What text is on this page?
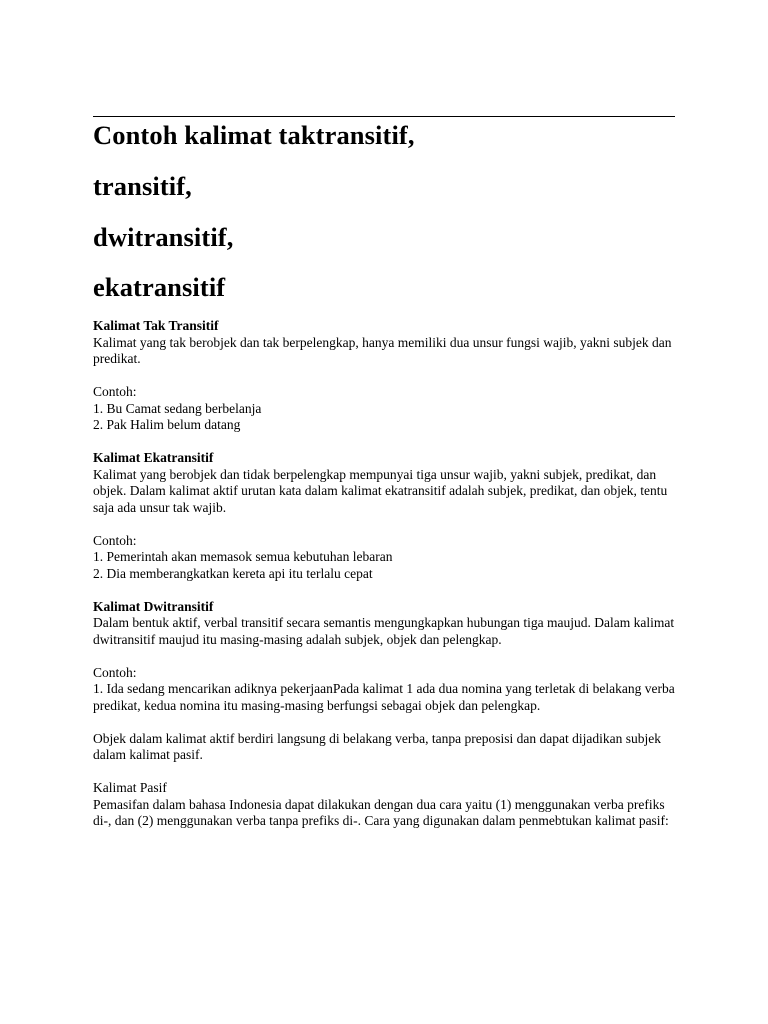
Contoh kalimat taktransitif,
transitif,
dwitransitif,
ekatransitif

Kalimat Tak Transitif

Kalimat yang tak berobjek dan tak berpelengkap, hanya memiliki dua unsur fungsi wajib, yakni subjek dan predikat.

Contoh:

1. Bu Camat sedang berbelanja

2. Pak Halim belum datang

Kalimat Ekatransitif

Kalimat yang berobjek dan tidak berpelengkap mempunyai tiga unsur wajib, yakni subjek, predikat, dan objek. Dalam kalimat aktif urutan kata dalam kalimat ekatransitif adalah subjek, predikat, dan objek, tentu saja ada unsur tak wajib.

Contoh:

1. Pemerintah akan memasok semua kebutuhan lebaran

2. Dia memberangkatkan kereta api itu terlalu cepat

Kalimat Dwitransitif

Dalam bentuk aktif, verbal transitif secara semantis mengungkapkan hubungan tiga maujud. Dalam kalimat dwitransitif maujud itu masing-masing adalah subjek, objek dan pelengkap.

Contoh:

1. Ida sedang mencarikan adiknya pekerjaanPada kalimat 1 ada dua nomina yang terletak di belakang verba predikat, kedua nomina itu masing-masing berfungsi sebagai objek dan pelengkap.

Objek dalam kalimat aktif berdiri langsung di belakang verba, tanpa preposisi dan dapat dijadikan subjek dalam kalimat pasif.

Kalimat Pasif

Pemasifan dalam bahasa Indonesia dapat dilakukan dengan dua cara yaitu (1) menggunakan verba prefiks di-, dan (2) menggunakan verba tanpa prefiks di-. Cara yang digunakan dalam penmebtukan kalimat pasif:
